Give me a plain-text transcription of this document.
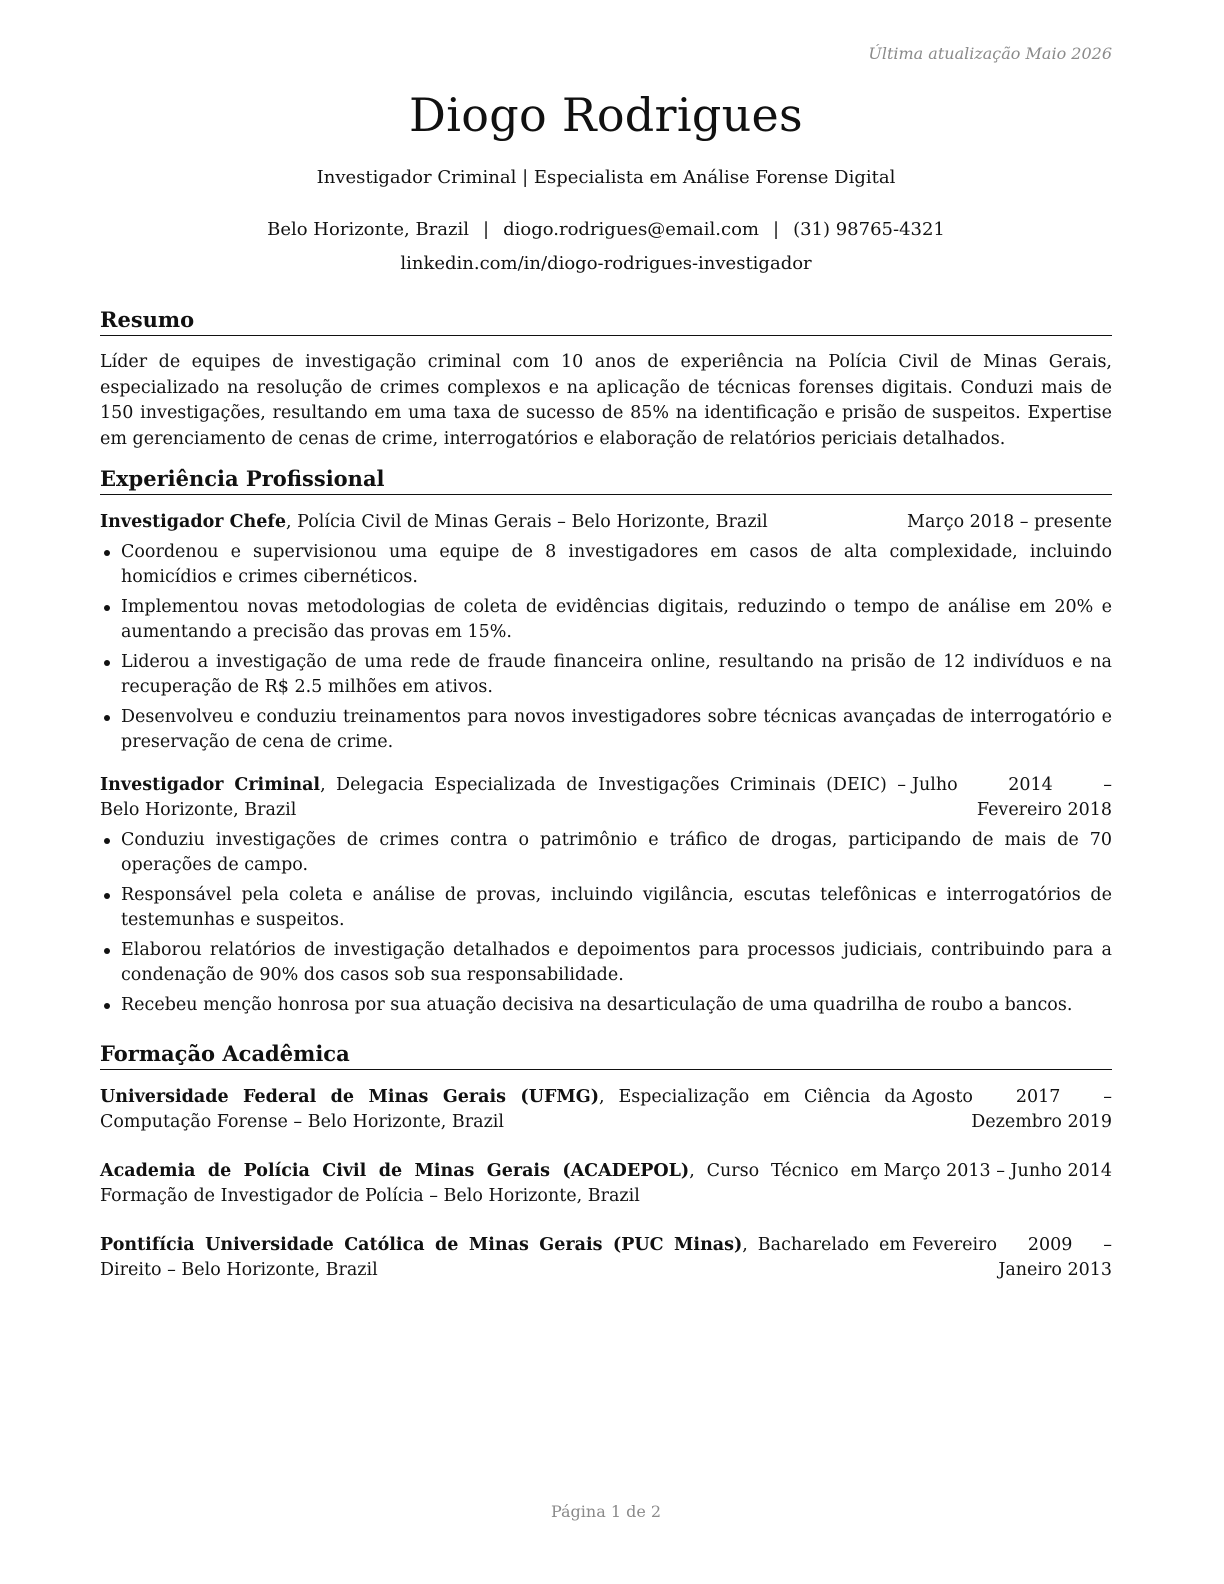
Última atualização Maio 2026
Diogo Rodrigues
Investigador Criminal | Especialista em Análise Forense Digital
Belo Horizonte, Brazil | diogo.rodrigues@email.com | (31) 98765-4321
linkedin.com/in/diogo-rodrigues-investigador
Resumo
Líder de equipes de investigação criminal com 10 anos de experiência na Polícia Civil de Minas Gerais, especializado na resolução de crimes complexos e na aplicação de técnicas forenses digitais. Conduzi mais de 150 investigações, resultando em uma taxa de sucesso de 85% na identificação e prisão de suspeitos. Expertise em gerenciamento de cenas de crime, interrogatórios e elaboração de relatórios periciais detalhados.
Experiência Profissional
Investigador Chefe, Polícia Civil de Minas Gerais – Belo Horizonte, Brazil	Março 2018 – presente
Coordenou e supervisionou uma equipe de 8 investigadores em casos de alta complexidade, incluindo homicídios e crimes cibernéticos.
Implementou novas metodologias de coleta de evidências digitais, reduzindo o tempo de análise em 20% e aumentando a precisão das provas em 15%.
Liderou a investigação de uma rede de fraude financeira online, resultando na prisão de 12 indivíduos e na recuperação de R$ 2.5 milhões em ativos.
Desenvolveu e conduziu treinamentos para novos investigadores sobre técnicas avançadas de interrogatório e preservação de cena de crime.
Investigador Criminal, Delegacia Especializada de Investigações Criminais (DEIC) – Belo Horizonte, Brazil
Julho 2014 – Fevereiro 2018
Conduziu investigações de crimes contra o patrimônio e tráfico de drogas, participando de mais de 70 operações de campo.
Responsável pela coleta e análise de provas, incluindo vigilância, escutas telefônicas e interrogatórios de testemunhas e suspeitos.
Elaborou relatórios de investigação detalhados e depoimentos para processos judiciais, contribuindo para a condenação de 90% dos casos sob sua responsabilidade.
Recebeu menção honrosa por sua atuação decisiva na desarticulação de uma quadrilha de roubo a bancos.
Formação Acadêmica
Universidade Federal de Minas Gerais (UFMG), Especialização em Ciência da Computação Forense – Belo Horizonte, Brazil
Agosto 2017 – Dezembro 2019
Academia de Polícia Civil de Minas Gerais (ACADEPOL), Curso Técnico em Formação de Investigador de Polícia – Belo Horizonte, Brazil
Março 2013 – Junho 2014
Pontifícia Universidade Católica de Minas Gerais (PUC Minas), Bacharelado em Direito – Belo Horizonte, Brazil
Fevereiro 2009 – Janeiro 2013
Página 1 de 2
